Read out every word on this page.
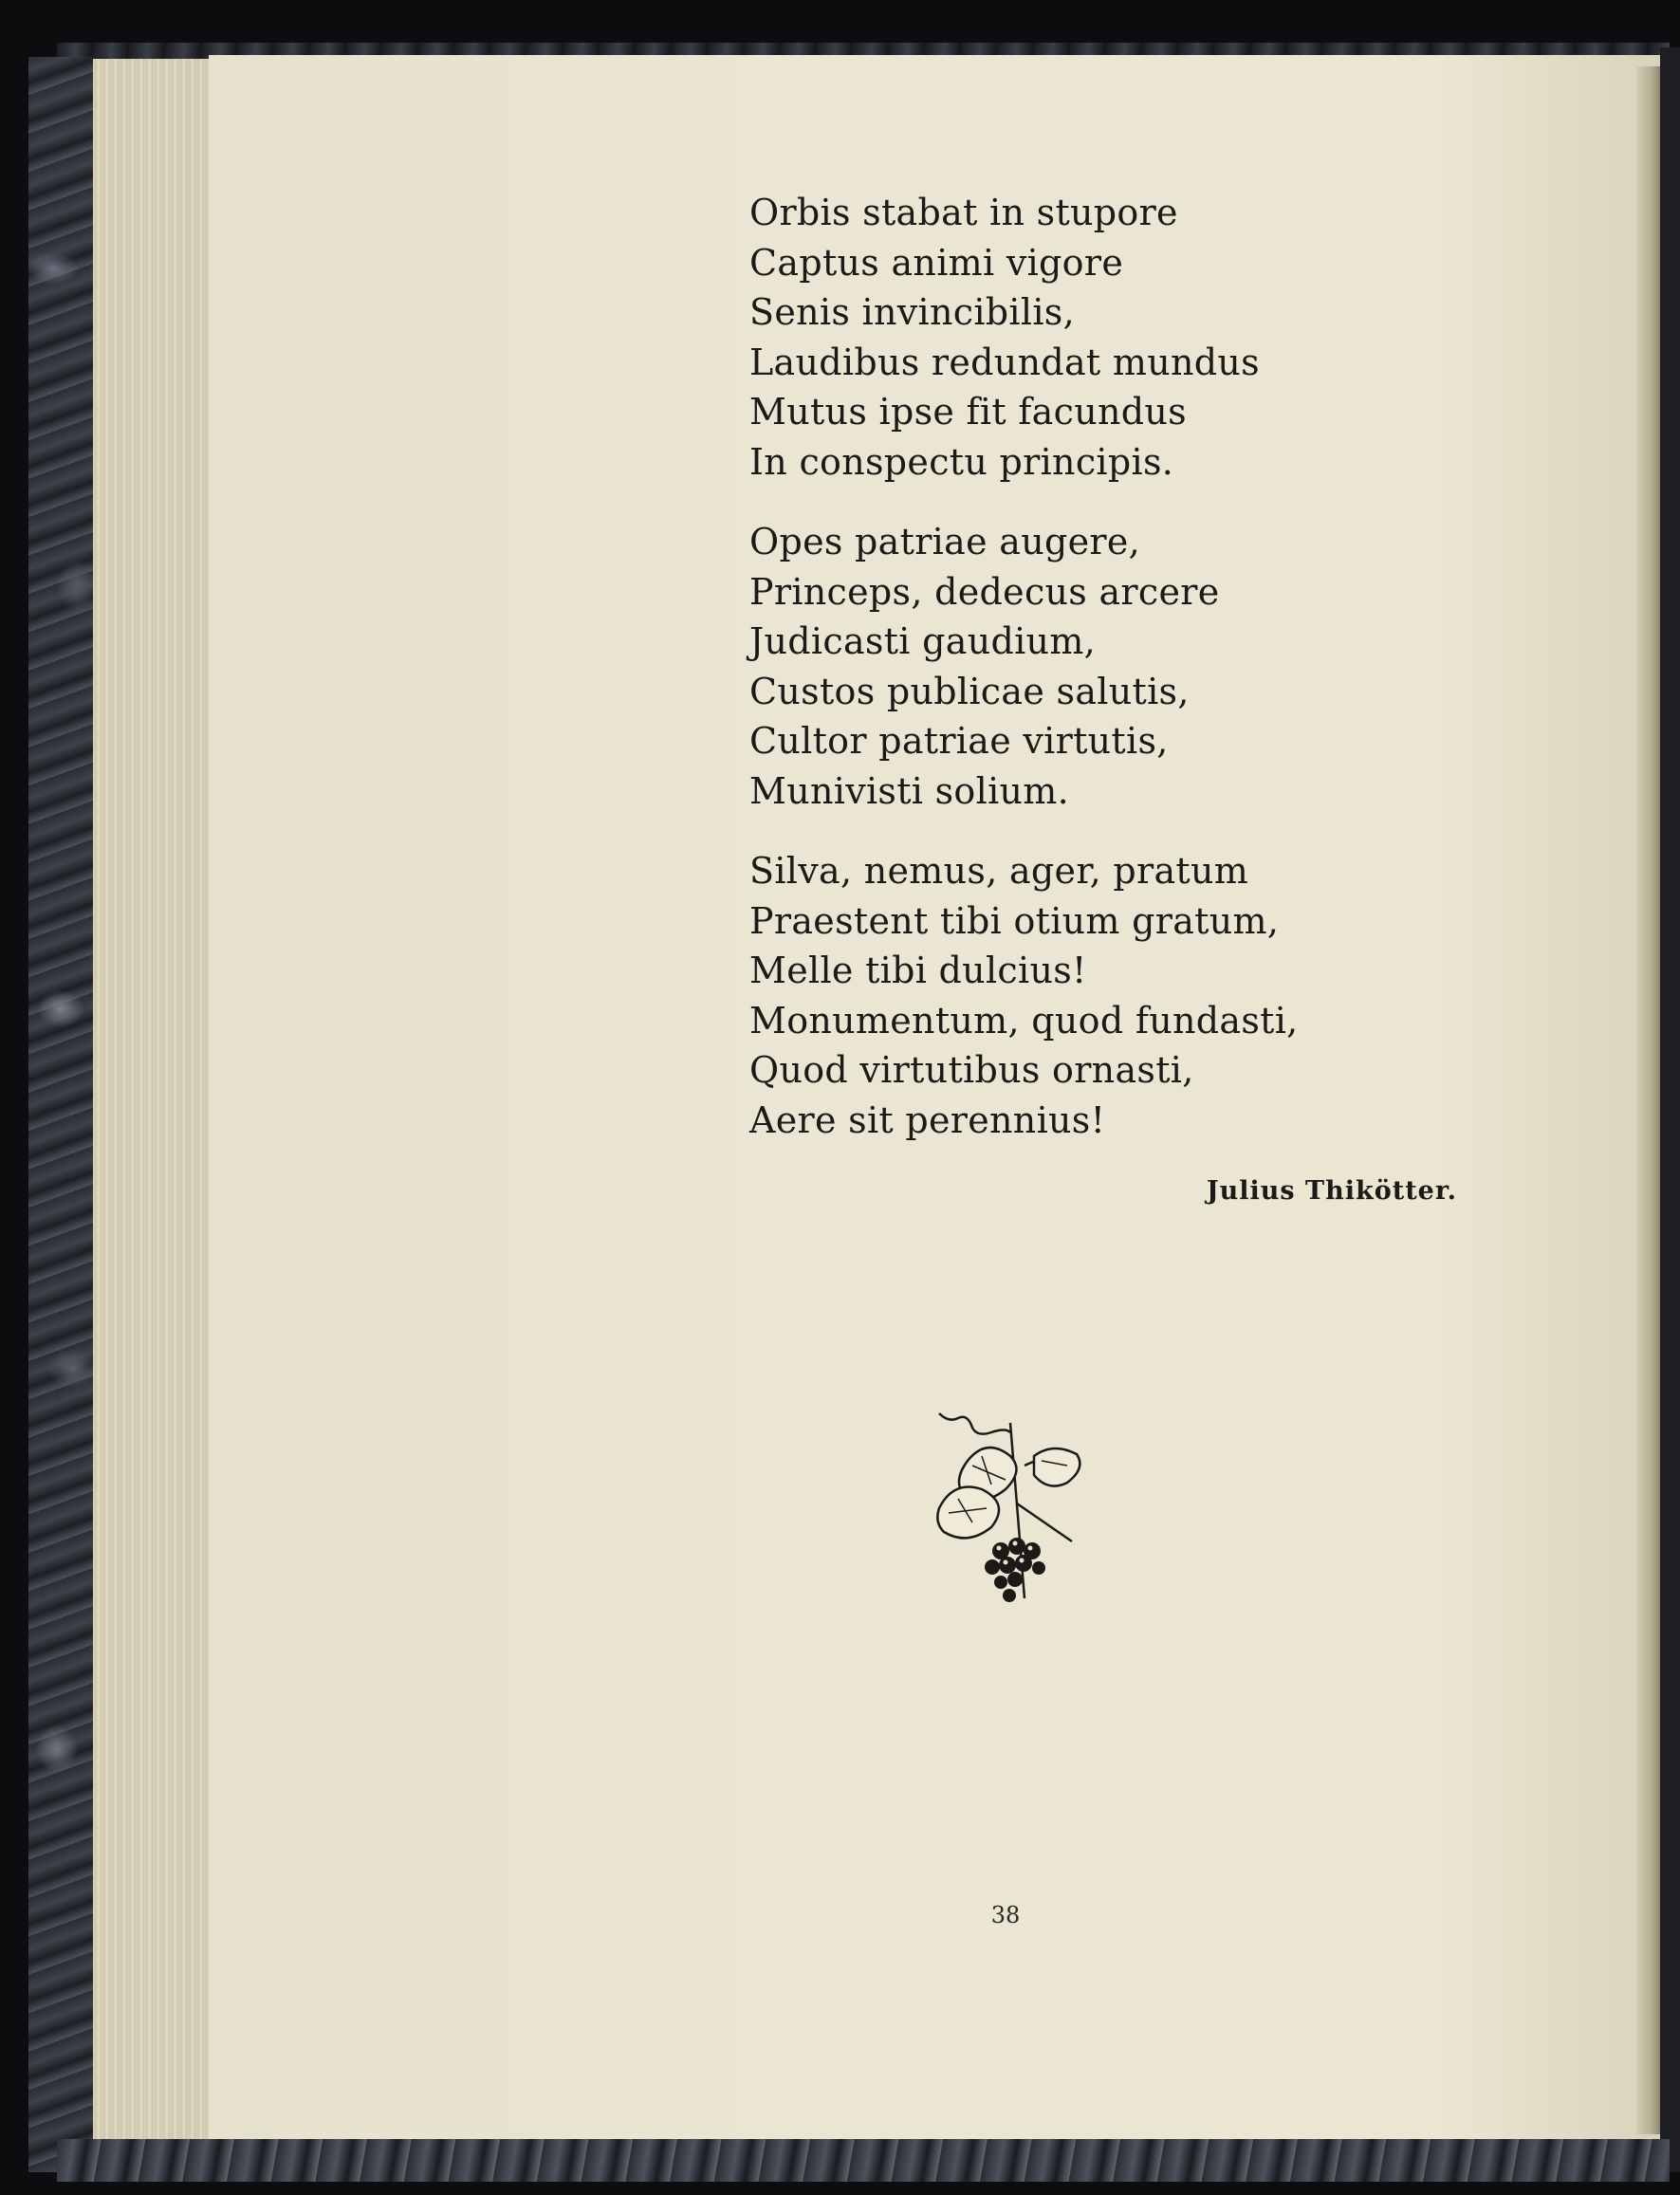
Orbis stabat in stupore
Captus animi vigore
Senis invincibilis,
Laudibus redundat mundus
Mutus ipse fit facundus
In conspectu principis.
Opes patriae augere,
Princeps, dedecus arcere
Judicasti gaudium,
Custos publicae salutis,
Cultor patriae virtutis,
Munivisti solium.
Silva, nemus, ager, pratum
Praestent tibi otium gratum,
Melle tibi dulcius!
Monumentum, quod fundasti,
Quod virtutibus ornasti,
Aere sit perennius!
Julius Thikötter.
38
